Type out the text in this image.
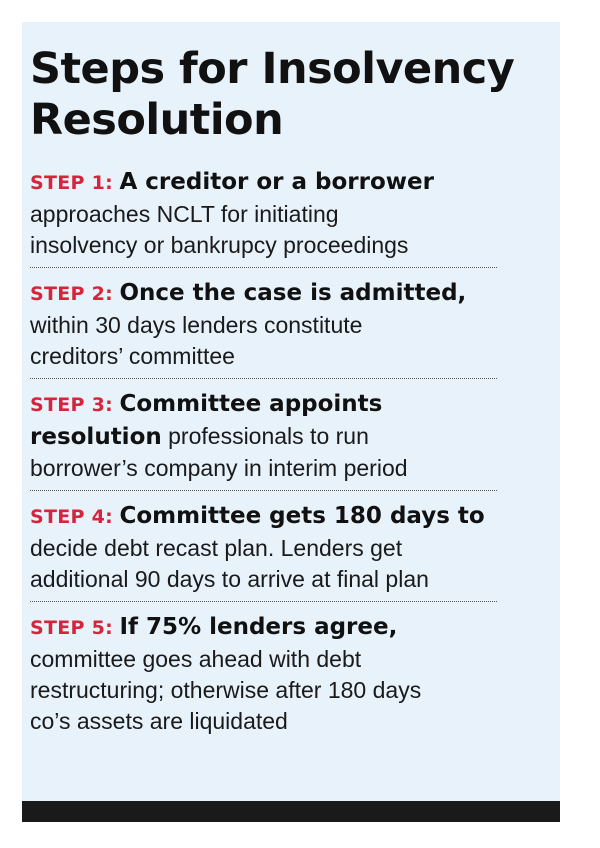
Steps for Insolvency
Resolution
STEP 1: A creditor or a borrower
approaches NCLT for initiating
insolvency or bankrupcy proceedings
STEP 2: Once the case is admitted,
within 30 days lenders constitute
creditors’ committee
STEP 3: Committee appoints
resolution professionals to run
borrower’s company in interim period
STEP 4: Committee gets 180 days to
decide debt recast plan. Lenders get
additional 90 days to arrive at final plan
STEP 5: If 75% lenders agree,
committee goes ahead with debt
restructuring; otherwise after 180 days
co’s assets are liquidated
